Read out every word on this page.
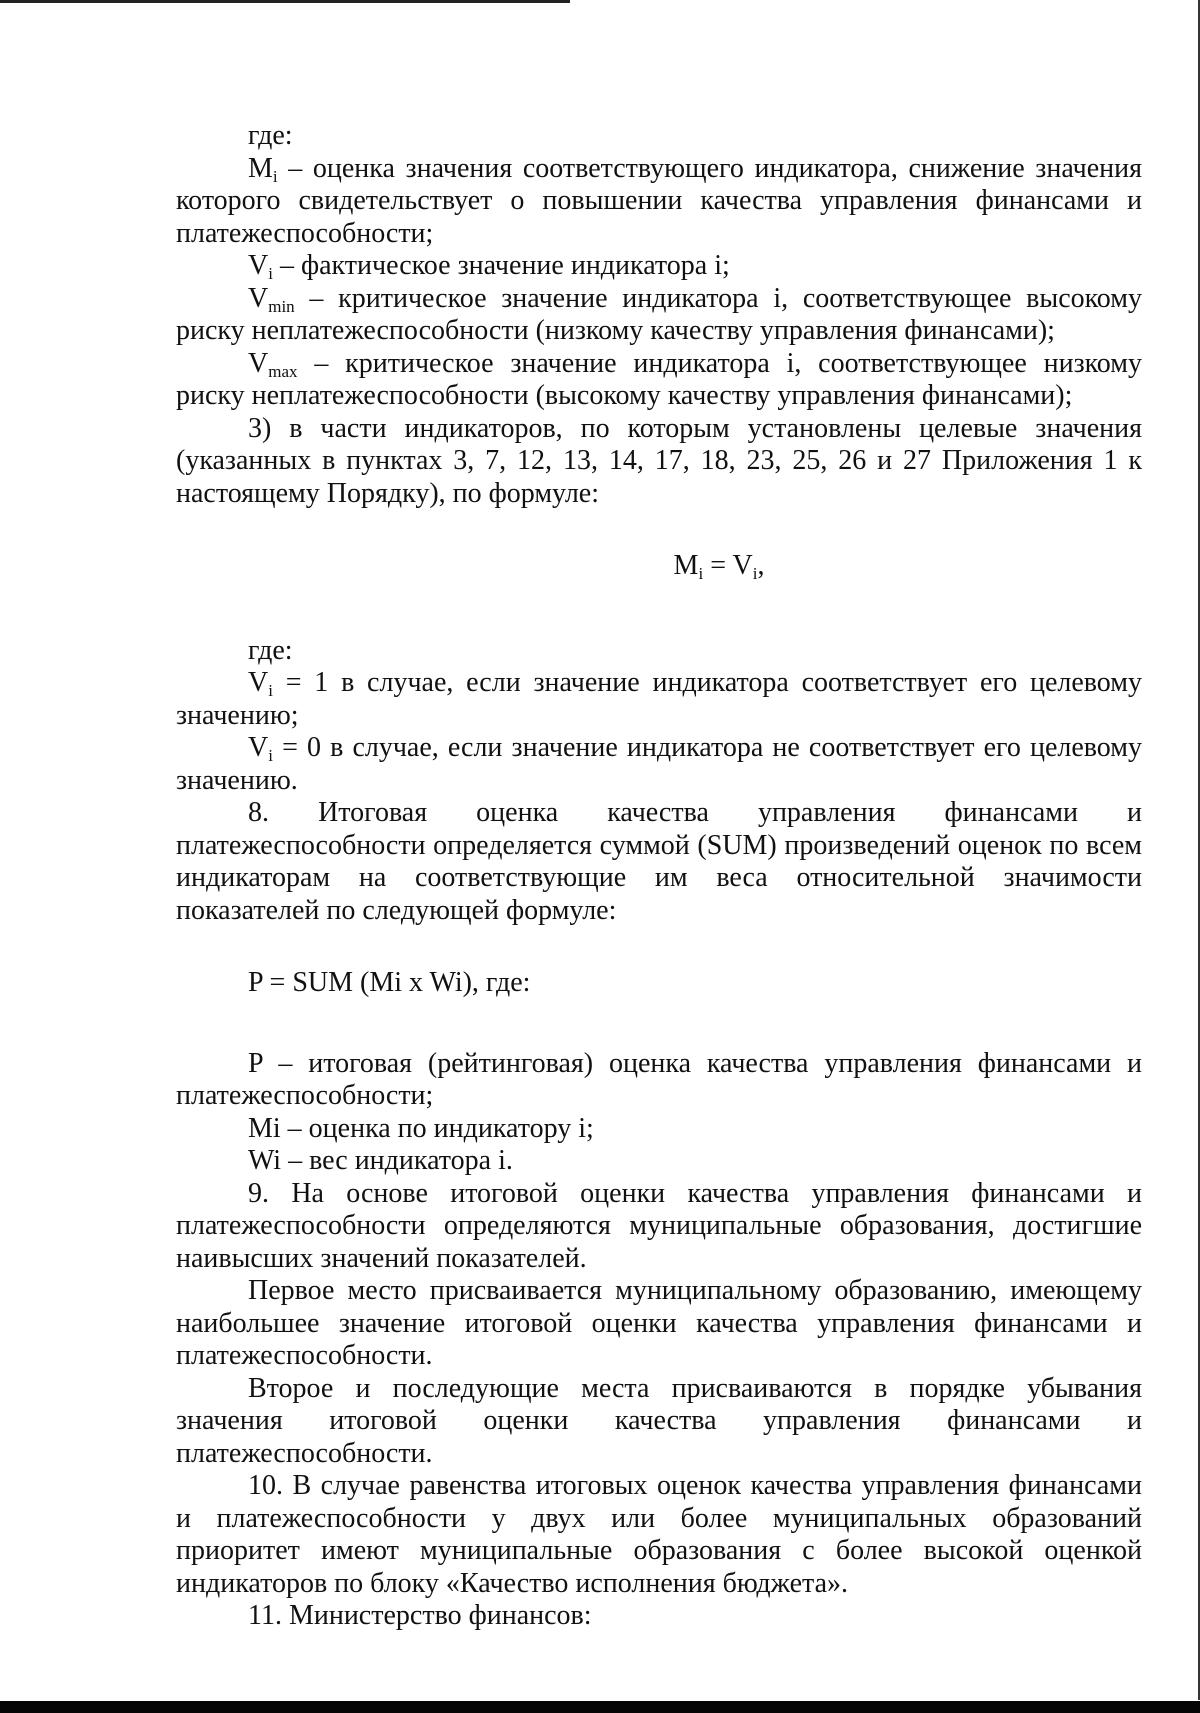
где:

$M_i$ – оценка значения соответствующего индикатора, снижение значения которого свидетельствует о повышении качества управления финансами и платежеспособности;

$V_i$ – фактическое значение индикатора i;

$V_{min}$ – критическое значение индикатора i, соответствующее высокому риску неплатежеспособности (низкому качеству управления финансами);

$V_{max}$ – критическое значение индикатора i, соответствующее низкому риску неплатежеспособности (высокому качеству управления финансами);

3) в части индикаторов, по которым установлены целевые значения (указанных в пунктах 3, 7, 12, 13, 14, 17, 18, 23, 25, 26 и 27 Приложения 1 к настоящему Порядку), по формуле:

$M_i = V_i$,

где:

$V_i = 1$ в случае, если значение индикатора соответствует его целевому значению;

$V_i = 0$ в случае, если значение индикатора не соответствует его целевому значению.

8. Итоговая оценка качества управления финансами и платежеспособности определяется суммой (SUM) произведений оценок по всем индикаторам на соответствующие им веса относительной значимости показателей по следующей формуле:

P = SUM (Mi x Wi), где:

P – итоговая (рейтинговая) оценка качества управления финансами и платежеспособности;

Mi – оценка по индикатору i;

Wi – вес индикатора i.

9. На основе итоговой оценки качества управления финансами и платежеспособности определяются муниципальные образования, достигшие наивысших значений показателей.

Первое место присваивается муниципальному образованию, имеющему наибольшее значение итоговой оценки качества управления финансами и платежеспособности.

Второе и последующие места присваиваются в порядке убывания значения итоговой оценки качества управления финансами и платежеспособности.

10. В случае равенства итоговых оценок качества управления финансами и платежеспособности у двух или более муниципальных образований приоритет имеют муниципальные образования с более высокой оценкой индикаторов по блоку «Качество исполнения бюджета».

11. Министерство финансов:
